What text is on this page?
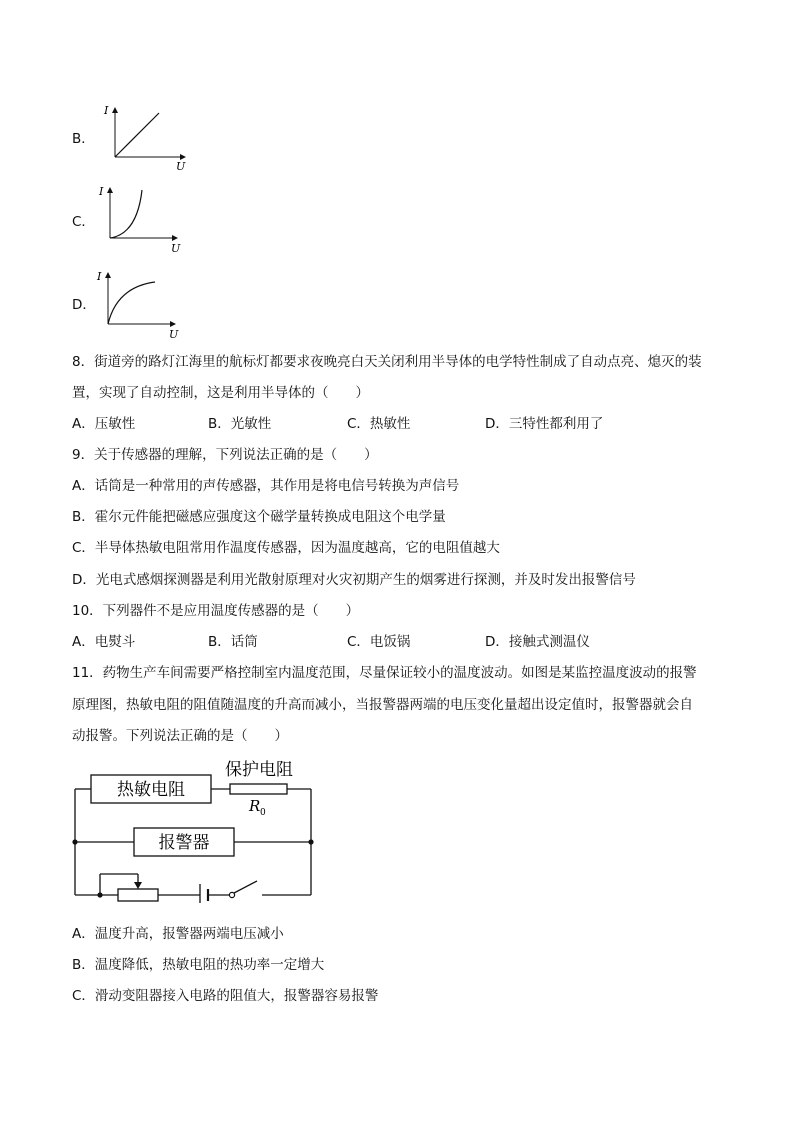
B．
I
U
C．
I
U
D．
I
U
8．街道旁的路灯江海里的航标灯都要求夜晚亮白天关闭利用半导体的电学特性制成了自动点亮、熄灭的装
置，实现了自动控制，这是利用半导体的（　　）
A．压敏性	B．光敏性	C．热敏性	D．三特性都利用了
9．关于传感器的理解，下列说法正确的是（　　）
A．话筒是一种常用的声传感器，其作用是将电信号转换为声信号
B．霍尔元件能把磁感应强度这个磁学量转换成电阻这个电学量
C．半导体热敏电阻常用作温度传感器，因为温度越高，它的电阻值越大
D．光电式感烟探测器是利用光散射原理对火灾初期产生的烟雾进行探测，并及时发出报警信号
10．下列器件不是应用温度传感器的是（　　）
A．电熨斗	B．话筒	C．电饭锅	D．接触式测温仪
11．药物生产车间需要严格控制室内温度范围，尽量保证较小的温度波动。如图是某监控温度波动的报警
原理图，热敏电阻的阻值随温度的升高而减小，当报警器两端的电压变化量超出设定值时，报警器就会自
动报警。下列说法正确的是（　　）
热敏电阻
保护电阻
R 0
报警器
A．温度升高，报警器两端电压减小
B．温度降低，热敏电阻的热功率一定增大
C．滑动变阻器接入电路的阻值大，报警器容易报警
